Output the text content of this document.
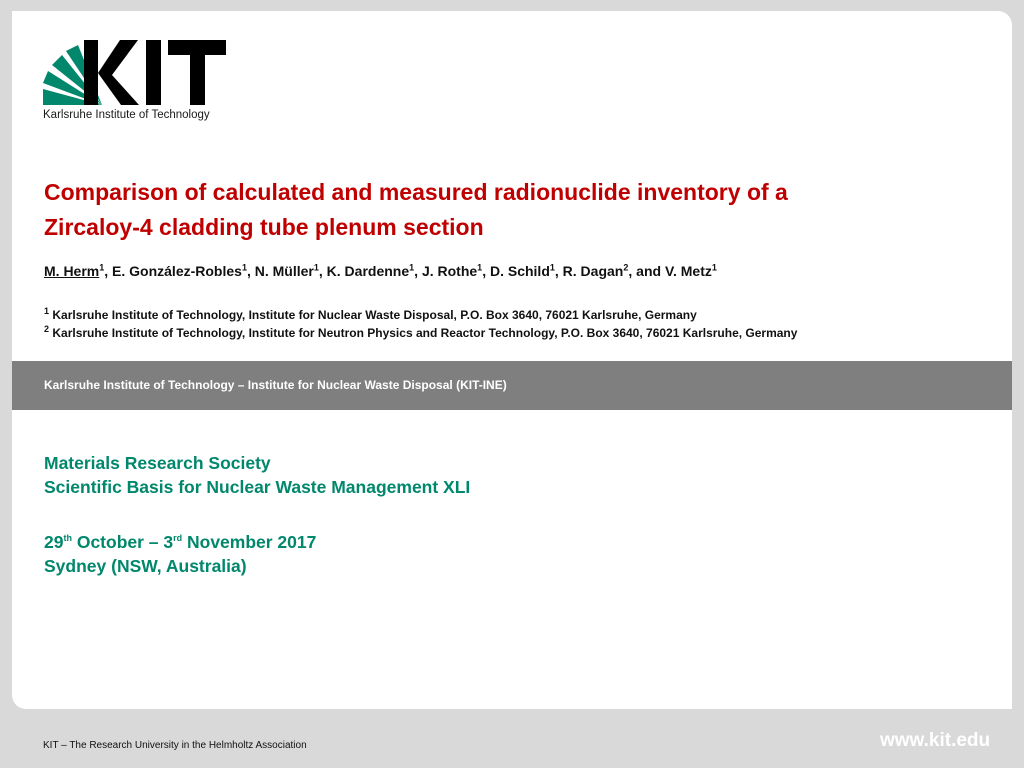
Karlsruhe Institute of Technology
Comparison of calculated and measured radionuclide inventory of a
Zircaloy-4 cladding tube plenum section
M. Herm$^1$, E. González-Robles$^1$, N. Müller$^1$, K. Dardenne$^1$, J. Rothe$^1$, D. Schild$^1$, R. Dagan$^2$, and V. Metz$^1$
$^1$ Karlsruhe Institute of Technology, Institute for Nuclear Waste Disposal, P.O. Box 3640, 76021 Karlsruhe, Germany
$^2$ Karlsruhe Institute of Technology, Institute for Neutron Physics and Reactor Technology, P.O. Box 3640, 76021 Karlsruhe, Germany
Karlsruhe Institute of Technology – Institute for Nuclear Waste Disposal (KIT-INE)
Materials Research Society
Scientific Basis for Nuclear Waste Management XLI
29th October – 3rd November 2017
Sydney (NSW, Australia)
KIT – The Research University in the Helmholtz Association	www.kit.edu
